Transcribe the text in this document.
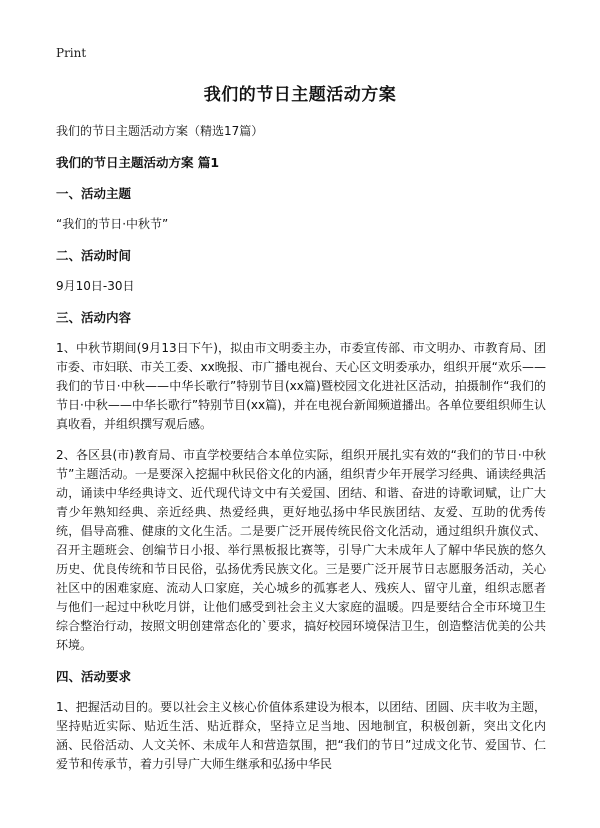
Print
我们的节日主题活动方案
我们的节日主题活动方案（精选17篇）
我们的节日主题活动方案 篇1
一、活动主题
“我们的节日·中秋节”
二、活动时间
9月10日-30日
三、活动内容
1、中秋节期间(9月13日下午)，拟由市文明委主办，市委宣传部、市文明办、市教育局、团市委、市妇联、市关工委、xx晚报、市广播电视台、天心区文明委承办，组织开展“欢乐——我们的节日·中秋——中华长歌行”特别节目(xx篇)暨校园文化进社区活动，拍摄制作“我们的节日·中秋——中华长歌行”特别节目(xx篇)，并在电视台新闻频道播出。各单位要组织师生认真收看，并组织撰写观后感。
2、各区县(市)教育局、市直学校要结合本单位实际，组织开展扎实有效的“我们的节日·中秋节”主题活动。一是要深入挖掘中秋民俗文化的内涵，组织青少年开展学习经典、诵读经典活动，诵读中华经典诗文、近代现代诗文中有关爱国、团结、和谐、奋进的诗歌词赋，让广大青少年熟知经典、亲近经典、热爱经典，更好地弘扬中华民族团结、友爱、互助的优秀传统，倡导高雅、健康的文化生活。二是要广泛开展传统民俗文化活动，通过组织升旗仪式、召开主题班会、创编节日小报、举行黑板报比赛等，引导广大未成年人了解中华民族的悠久历史、优良传统和节日民俗，弘扬优秀民族文化。三是要广泛开展节日志愿服务活动，关心社区中的困难家庭、流动人口家庭，关心城乡的孤寡老人、残疾人、留守儿童，组织志愿者与他们一起过中秋吃月饼，让他们感受到社会主义大家庭的温暖。四是要结合全市环境卫生综合整治行动，按照文明创建常态化的`要求，搞好校园环境保洁卫生，创造整洁优美的公共环境。
四、活动要求
1、把握活动目的。要以社会主义核心价值体系建设为根本，以团结、团圆、庆丰收为主题，坚持贴近实际、贴近生活、贴近群众，坚持立足当地、因地制宜，积极创新，突出文化内涵、民俗活动、人文关怀、未成年人和营造氛围，把“我们的节日”过成文化节、爱国节、仁爱节和传承节，着力引导广大师生继承和弘扬中华民
